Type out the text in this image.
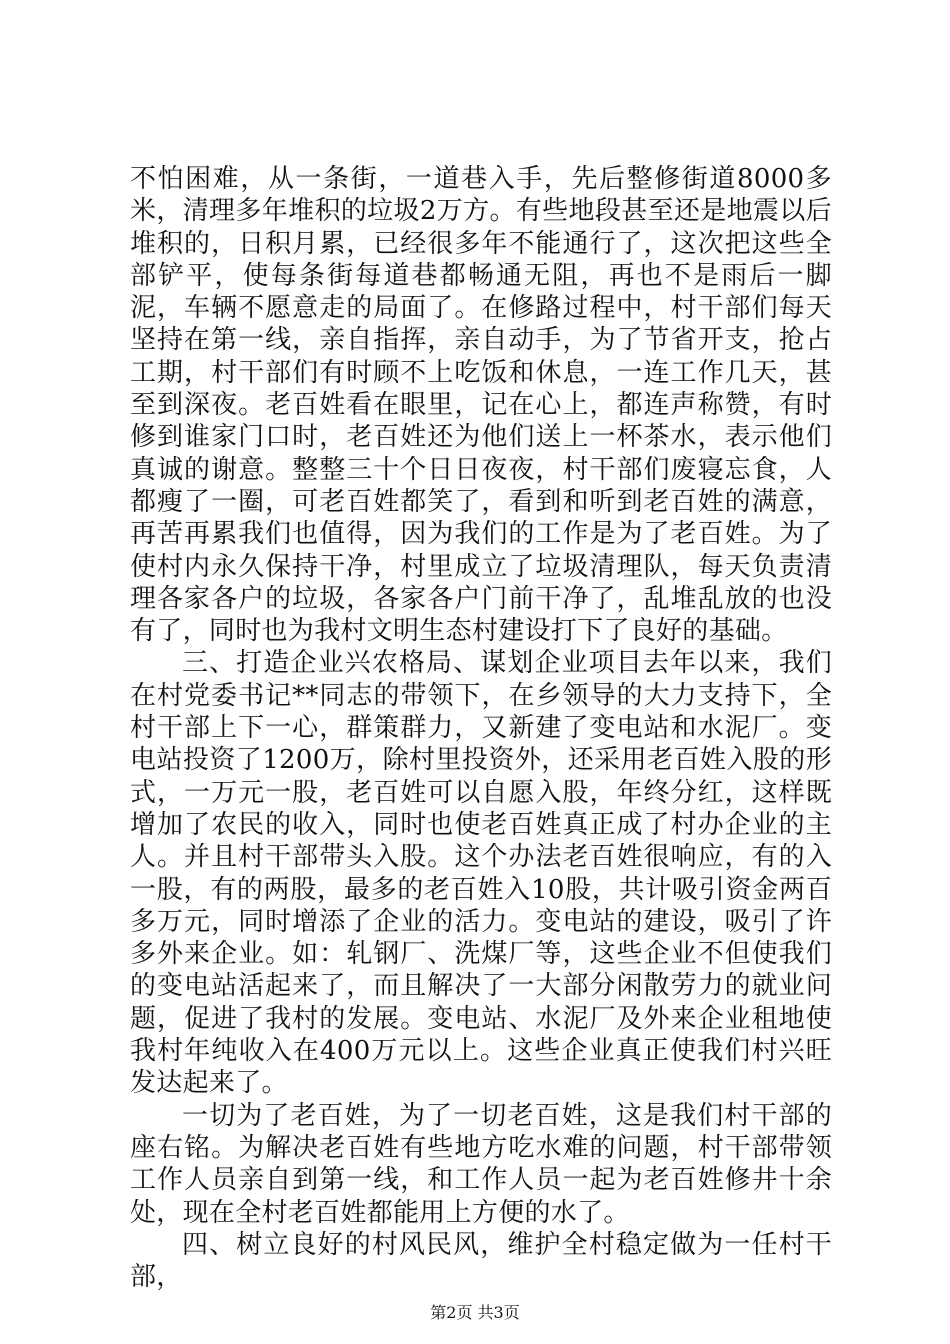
不怕困难，从一条街，一道巷入手，先后整修街道8000多米，清理多年堆积的垃圾2万方。有些地段甚至还是地震以后堆积的，日积月累，已经很多年不能通行了，这次把这些全部铲平，使每条街每道巷都畅通无阻，再也不是雨后一脚泥，车辆不愿意走的局面了。在修路过程中，村干部们每天坚持在第一线，亲自指挥，亲自动手，为了节省开支，抢占工期，村干部们有时顾不上吃饭和休息，一连工作几天，甚至到深夜。老百姓看在眼里，记在心上，都连声称赞，有时修到谁家门口时，老百姓还为他们送上一杯茶水，表示他们真诚的谢意。整整三十个日日夜夜，村干部们废寝忘食，人都瘦了一圈，可老百姓都笑了，看到和听到老百姓的满意，再苦再累我们也值得，因为我们的工作是为了老百姓。为了使村内永久保持干净，村里成立了垃圾清理队，每天负责清理各家各户的垃圾，各家各户门前干净了，乱堆乱放的也没有了，同时也为我村文明生态村建设打下了良好的基础。

三、打造企业兴农格局、谋划企业项目去年以来，我们在村党委书记**同志的带领下，在乡领导的大力支持下，全村干部上下一心，群策群力，又新建了变电站和水泥厂。变电站投资了1200万，除村里投资外，还采用老百姓入股的形式，一万元一股，老百姓可以自愿入股，年终分红，这样既增加了农民的收入，同时也使老百姓真正成了村办企业的主人。并且村干部带头入股。这个办法老百姓很响应，有的入一股，有的两股，最多的老百姓入10股，共计吸引资金两百多万元，同时增添了企业的活力。变电站的建设，吸引了许多外来企业。如：轧钢厂、洗煤厂等，这些企业不但使我们的变电站活起来了，而且解决了一大部分闲散劳力的就业问题，促进了我村的发展。变电站、水泥厂及外来企业租地使我村年纯收入在400万元以上。这些企业真正使我们村兴旺发达起来了。

一切为了老百姓，为了一切老百姓，这是我们村干部的座右铭。为解决老百姓有些地方吃水难的问题，村干部带领工作人员亲自到第一线，和工作人员一起为老百姓修井十余处，现在全村老百姓都能用上方便的水了。

四、树立良好的村风民风，维护全村稳定做为一任村干部，

第2页 共3页
